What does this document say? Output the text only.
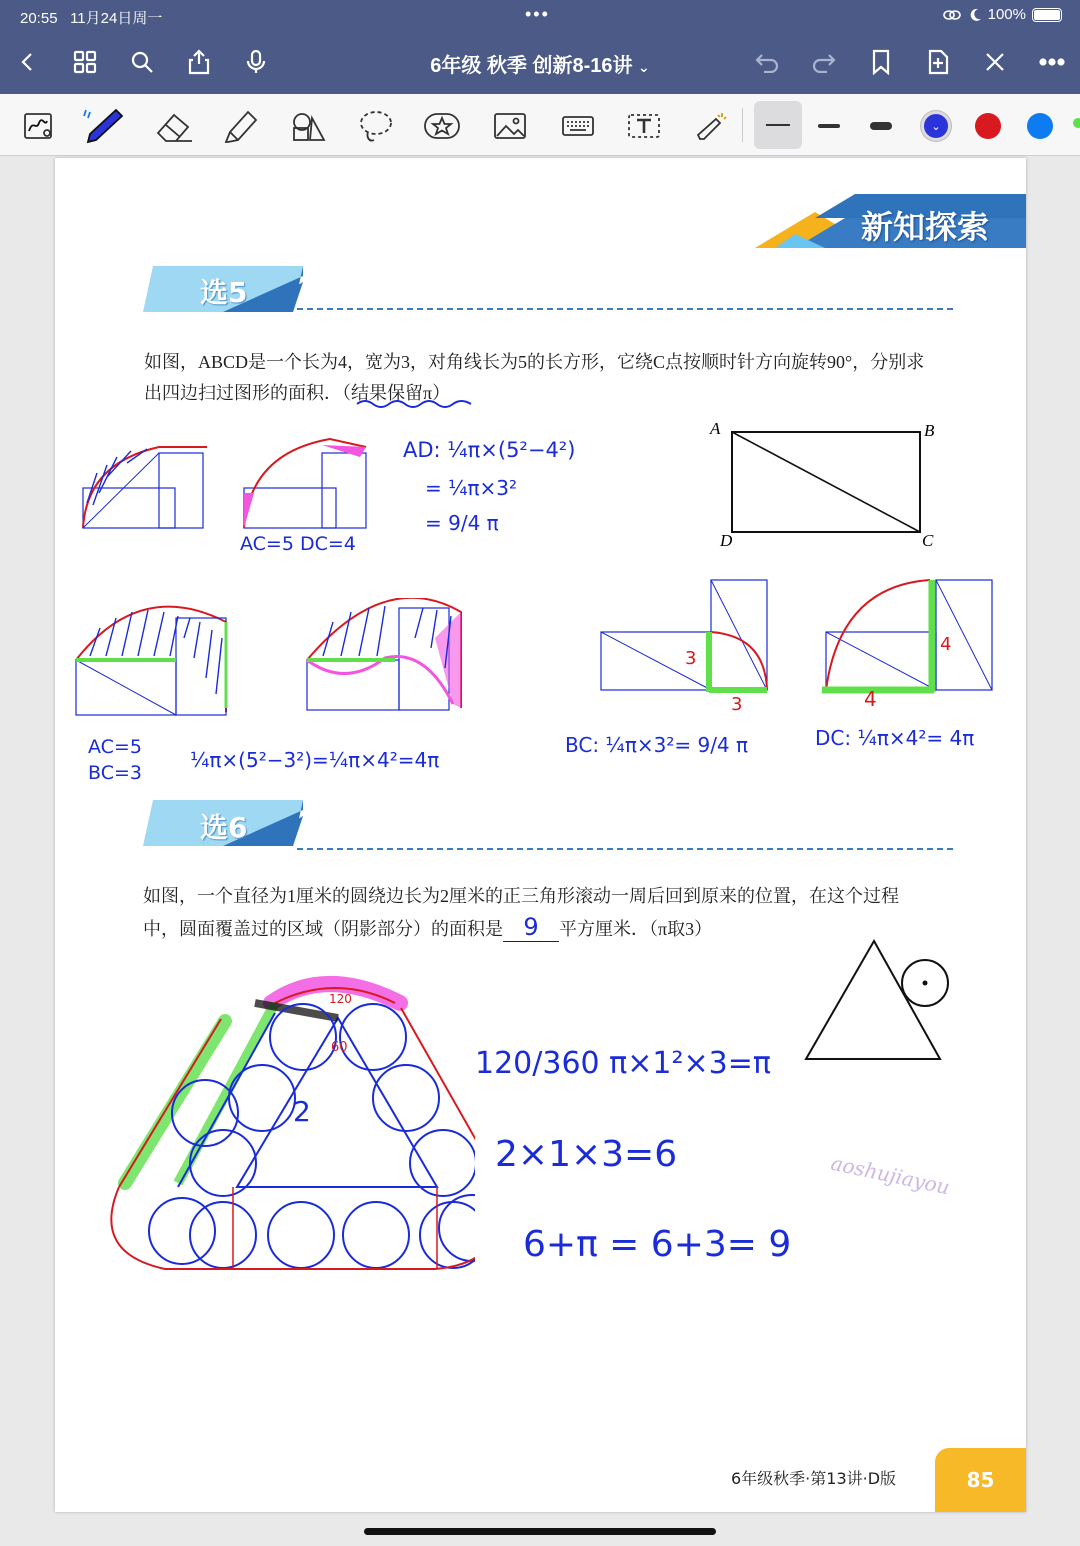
20:55 11月24日周一	•••	100%
6年级 秋季 创新8-16讲 ⌄
⌄
新知探索
选5
如图，ABCD是一个长为4，宽为3，对角线长为5的长方形，它绕C点按顺时针方向旋转90°，分别求
出四边扫过图形的面积．（结果保留π）
A	B
C
D
AC=5 DC=4
AD: ¼π×(5²−4²)
= ¼π×3²
= 9/4 π
AC=5
BC=3
¼π×(5²−3²)=¼π×4²=4π
3
3
BC: ¼π×3²= 9/4 π
4
4
DC: ¼π×4²= 4π
选6
如图，一个直径为1厘米的圆绕边长为2厘米的正三角形滚动一周后回到原来的位置，在这个过程
中，圆面覆盖过的区域（阴影部分）的面积是 9 平方厘米．（π取3）
120
60
2
120/360 π×1²×3=π
2×1×3=6
6+π = 6+3= 9
aoshujiayou
6年级秋季·第13讲·D版	85
